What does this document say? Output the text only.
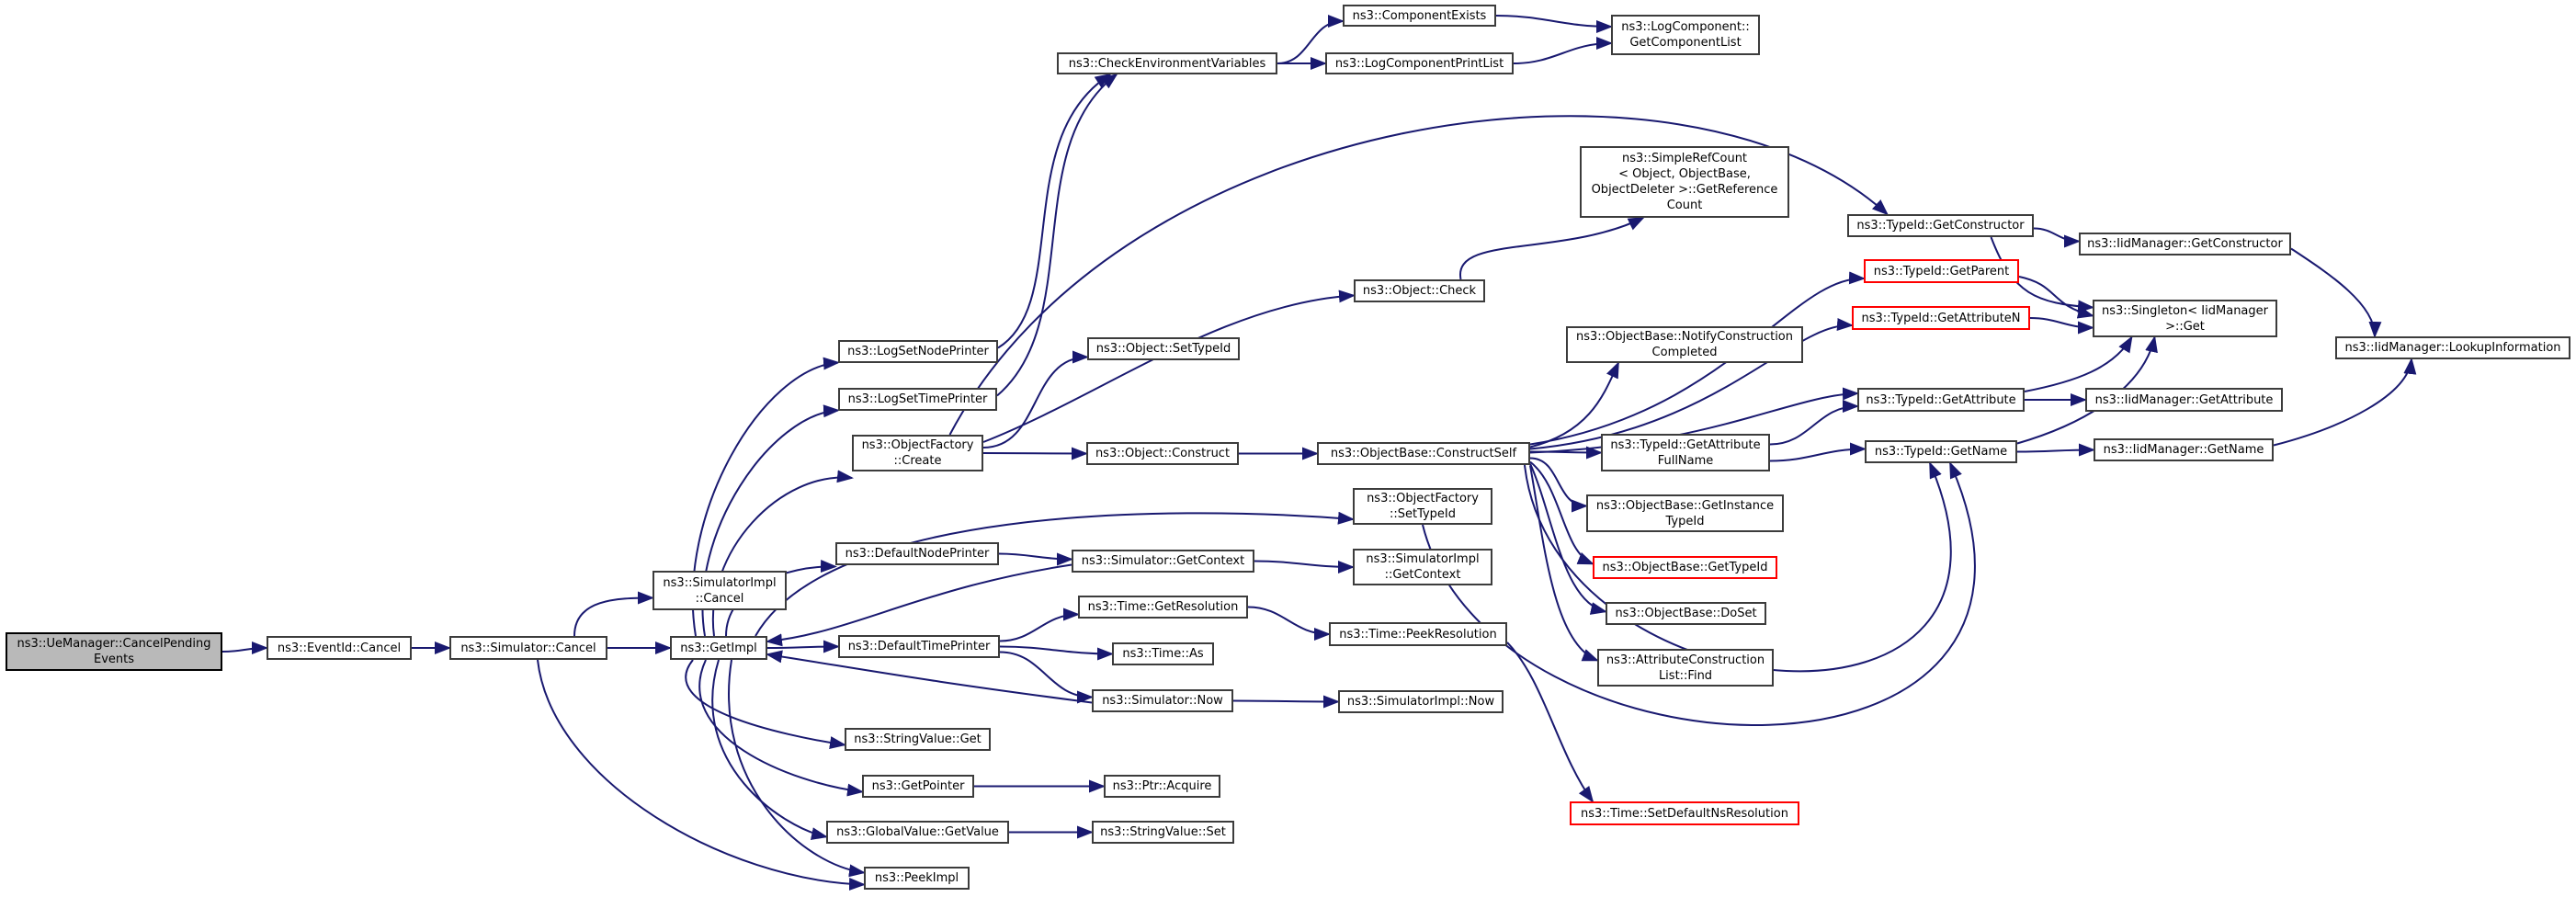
ns3::UeManager::CancelPending
Events
ns3::EventId::Cancel	ns3::Simulator::Cancel
ns3::SimulatorImpl
::Cancel
ns3::GetImpl
ns3::LogSetNodePrinter
ns3::LogSetTimePrinter
ns3::ObjectFactory
::Create
ns3::DefaultNodePrinter
ns3::DefaultTimePrinter
ns3::StringValue::Get
ns3::GetPointer
ns3::GlobalValue::GetValue
ns3::PeekImpl
ns3::Object::SetTypeId
ns3::Object::Construct
ns3::Simulator::GetContext
ns3::Time::GetResolution
ns3::Time::As
ns3::Simulator::Now
ns3::Ptr::Acquire
ns3::StringValue::Set
ns3::ObjectBase::ConstructSelf
ns3::ObjectFactory
::SetTypeId
ns3::SimulatorImpl
::GetContext
ns3::Time::PeekResolution
ns3::SimulatorImpl::Now
ns3::Object::Check
ns3::SimpleRefCount
< Object, ObjectBase,
ObjectDeleter >::GetReference
Count
ns3::ObjectBase::NotifyConstruction
Completed
ns3::TypeId::GetAttribute
FullName
ns3::ObjectBase::GetInstance
TypeId
ns3::ObjectBase::GetTypeId
ns3::ObjectBase::DoSet
ns3::AttributeConstruction
List::Find
ns3::Time::SetDefaultNsResolution
ns3::CheckEnvironmentVariables
ns3::ComponentExists
ns3::LogComponentPrintList
ns3::LogComponent::
GetComponentList
ns3::TypeId::GetConstructor
ns3::IidManager::GetConstructor
ns3::TypeId::GetParent
ns3::TypeId::GetAttributeN
ns3::Singleton< IidManager
>::Get
ns3::IidManager::LookupInformation
ns3::TypeId::GetAttribute	ns3::IidManager::GetAttribute
ns3::TypeId::GetName	ns3::IidManager::GetName
